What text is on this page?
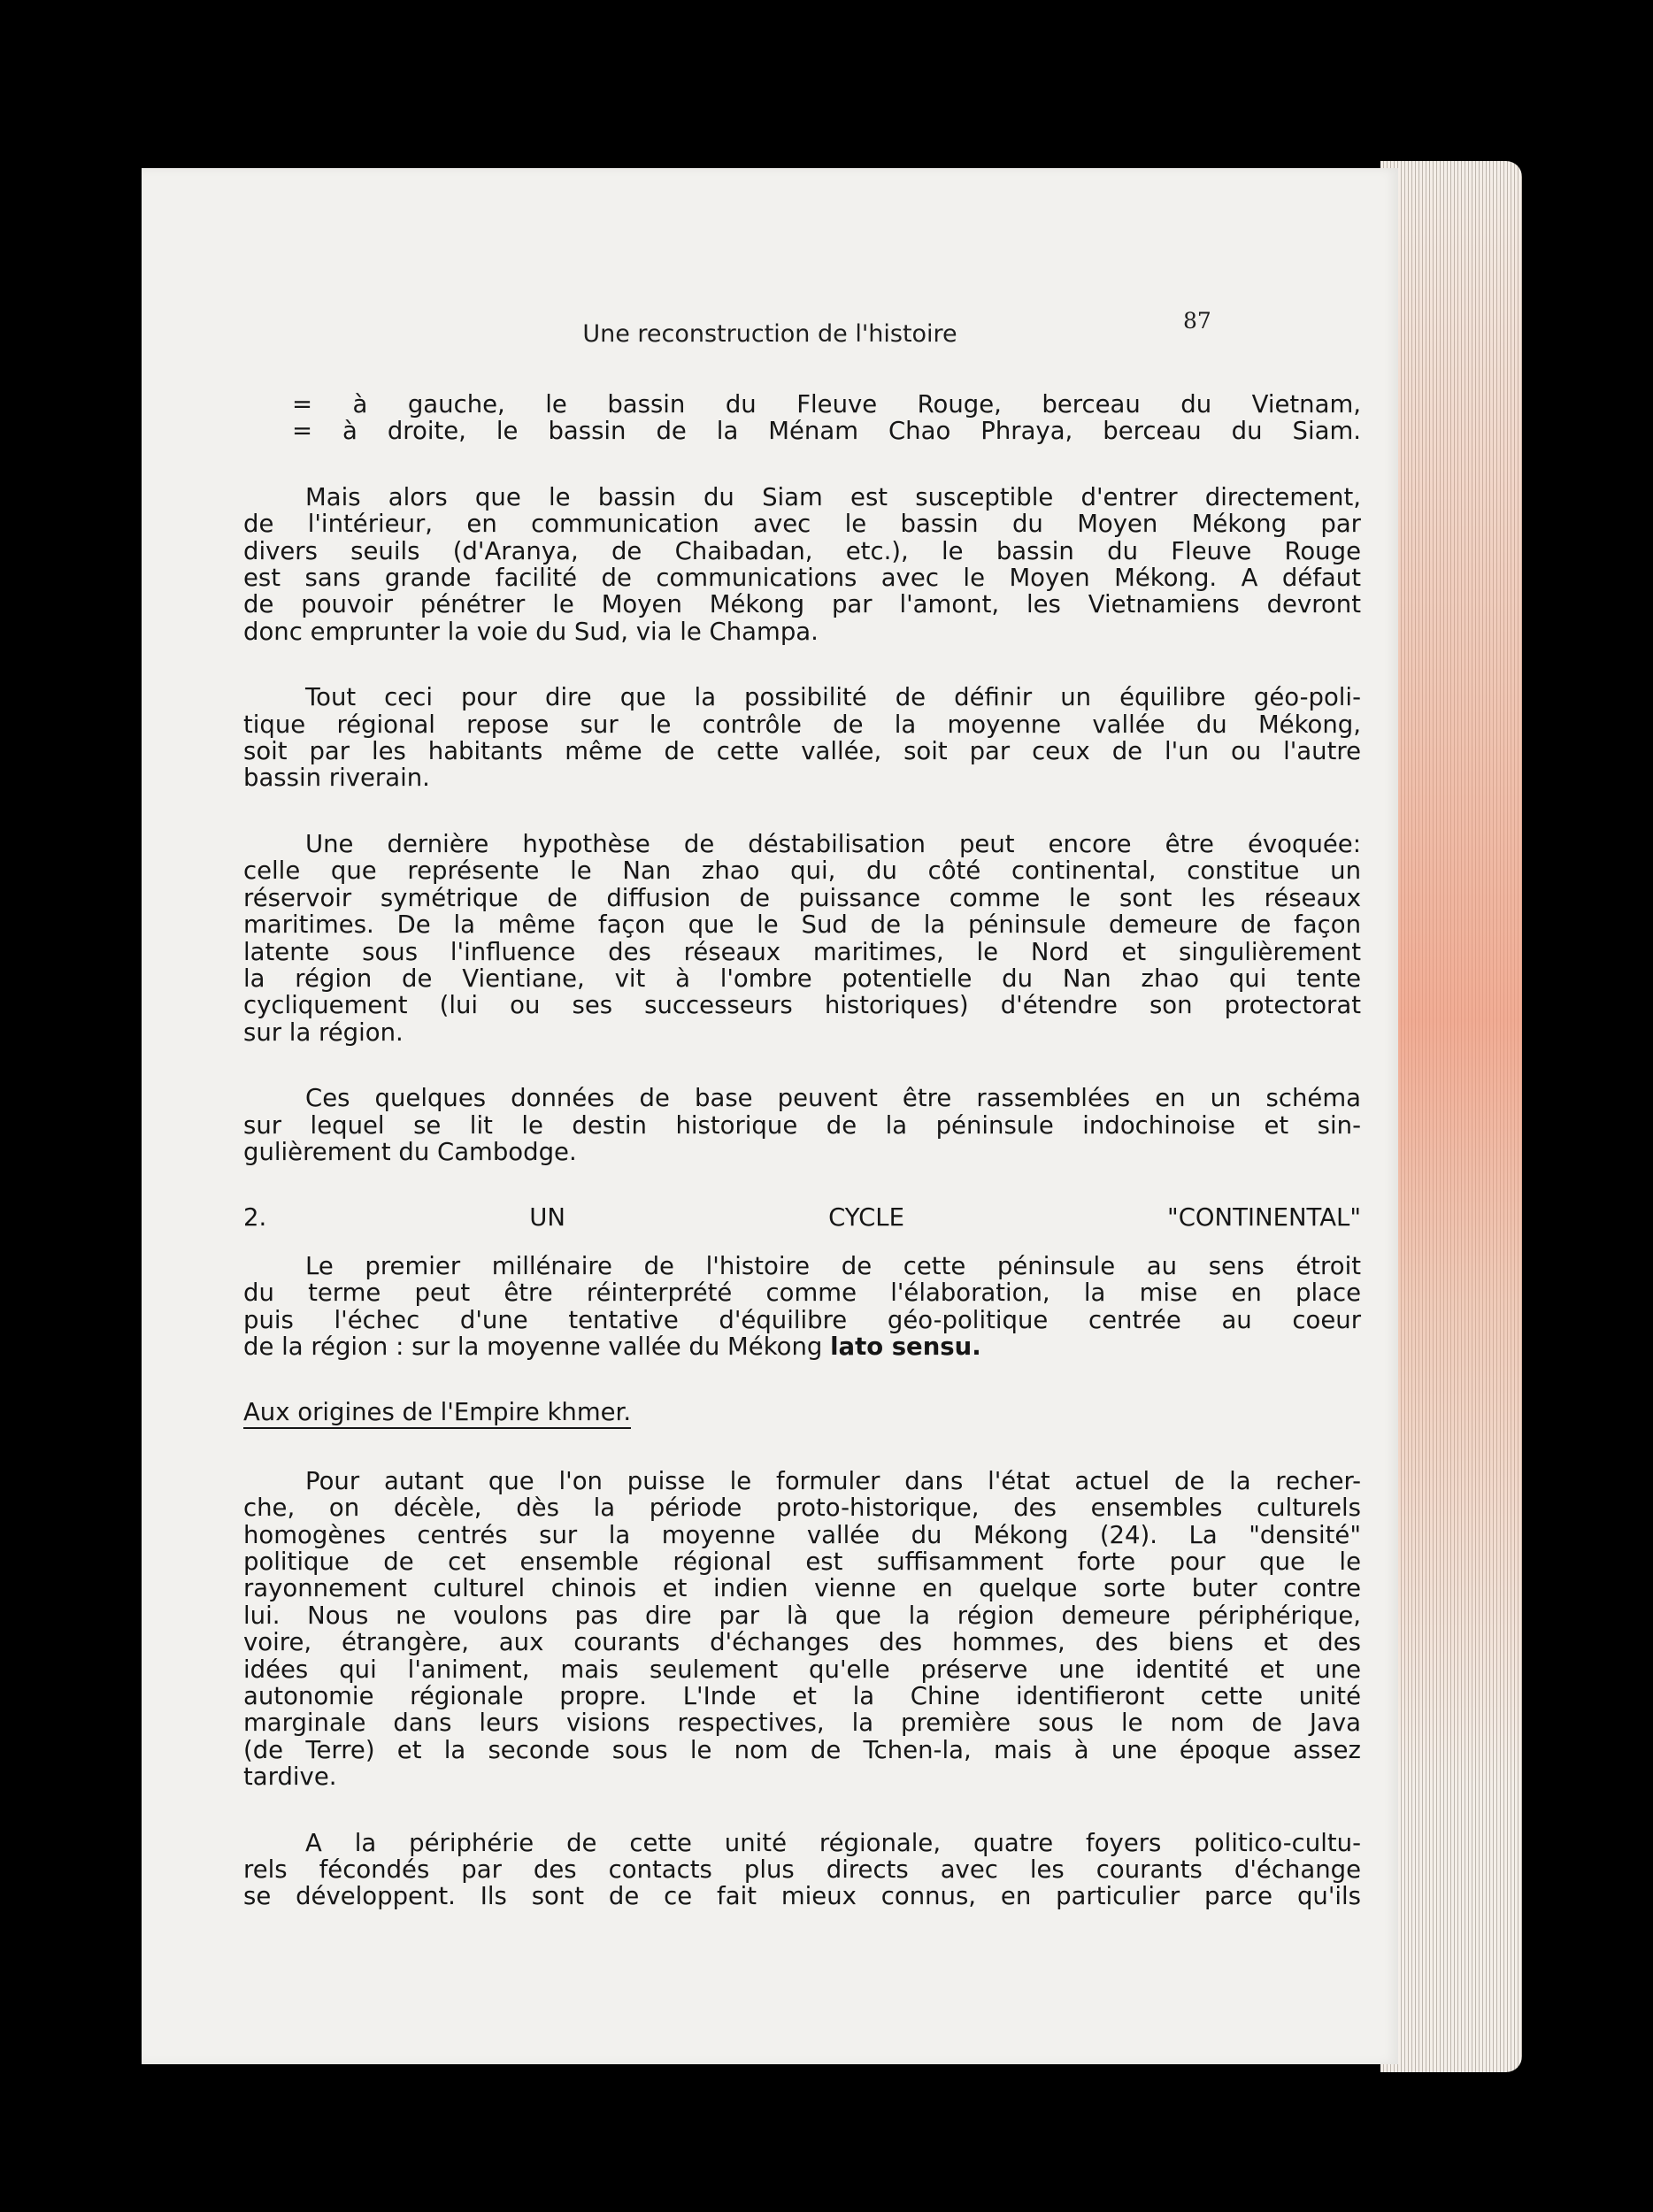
Une reconstruction de l'histoire	87

= à gauche, le bassin du Fleuve Rouge, berceau du Vietnam,

= à droite, le bassin de la Ménam Chao Phraya, berceau du Siam.

Mais alors que le bassin du Siam est susceptible d'entrer directement,

de l'intérieur, en communication avec le bassin du Moyen Mékong par

divers seuils (d'Aranya, de Chaibadan, etc.), le bassin du Fleuve Rouge

est sans grande facilité de communications avec le Moyen Mékong. A défaut

de pouvoir pénétrer le Moyen Mékong par l'amont, les Vietnamiens devront

donc emprunter la voie du Sud, via le Champa.

Tout ceci pour dire que la possibilité de définir un équilibre géo-poli-

tique régional repose sur le contrôle de la moyenne vallée du Mékong,

soit par les habitants même de cette vallée, soit par ceux de l'un ou l'autre

bassin riverain.

Une dernière hypothèse de déstabilisation peut encore être évoquée:

celle que représente le Nan zhao qui, du côté continental, constitue un

réservoir symétrique de diffusion de puissance comme le sont les réseaux

maritimes. De la même façon que le Sud de la péninsule demeure de façon

latente sous l'influence des réseaux maritimes, le Nord et singulièrement

la région de Vientiane, vit à l'ombre potentielle du Nan zhao qui tente

cycliquement (lui ou ses successeurs historiques) d'étendre son protectorat

sur la région.

Ces quelques données de base peuvent être rassemblées en un schéma

sur lequel se lit le destin historique de la péninsule indochinoise et sin-

gulièrement du Cambodge.

2. UN CYCLE "CONTINENTAL"

Le premier millénaire de l'histoire de cette péninsule au sens étroit

du terme peut être réinterprété comme l'élaboration, la mise en place

puis l'échec d'une tentative d'équilibre géo-politique centrée au coeur

de la région : sur la moyenne vallée du Mékong lato sensu.

Aux origines de l'Empire khmer.

Pour autant que l'on puisse le formuler dans l'état actuel de la recher-

che, on décèle, dès la période proto-historique, des ensembles culturels

homogènes centrés sur la moyenne vallée du Mékong (24). La "densité"

politique de cet ensemble régional est suffisamment forte pour que le

rayonnement culturel chinois et indien vienne en quelque sorte buter contre

lui. Nous ne voulons pas dire par là que la région demeure périphérique,

voire, étrangère, aux courants d'échanges des hommes, des biens et des

idées qui l'animent, mais seulement qu'elle préserve une identité et une

autonomie régionale propre. L'Inde et la Chine identifieront cette unité

marginale dans leurs visions respectives, la première sous le nom de Java

(de Terre) et la seconde sous le nom de Tchen-la, mais à une époque assez

tardive.

A la périphérie de cette unité régionale, quatre foyers politico-cultu-

rels fécondés par des contacts plus directs avec les courants d'échange

se développent. Ils sont de ce fait mieux connus, en particulier parce qu'ils
